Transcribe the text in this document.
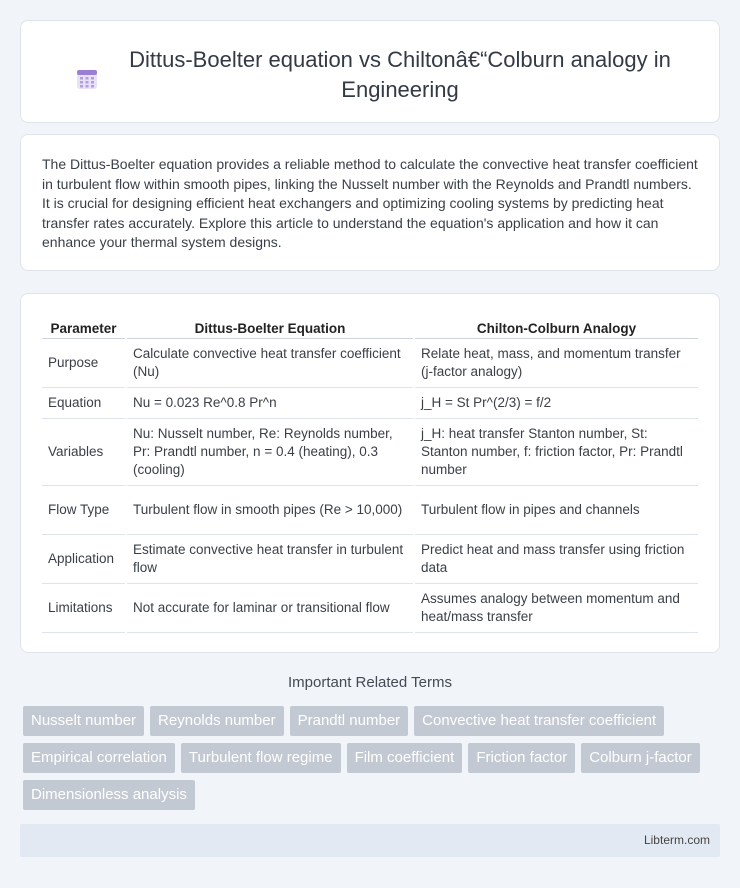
Dittus-Boelter equation vs Chiltonâ€“Colburn analogy in Engineering

The Dittus-Boelter equation provides a reliable method to calculate the convective heat transfer coefficient in turbulent flow within smooth pipes, linking the Nusselt number with the Reynolds and Prandtl numbers. It is crucial for designing efficient heat exchangers and optimizing cooling systems by predicting heat transfer rates accurately. Explore this article to understand the equation's application and how it can enhance your thermal system designs.

Parameter	Dittus-Boelter Equation	Chilton-Colburn Analogy
Purpose	Calculate convective heat transfer coefficient (Nu)	Relate heat, mass, and momentum transfer (j-factor analogy)
Equation	Nu = 0.023 Re^0.8 Pr^n	j_H = St Pr^(2/3) = f/2
Variables	Nu: Nusselt number, Re: Reynolds number, Pr: Prandtl number, n = 0.4 (heating), 0.3 (cooling)	j_H: heat transfer Stanton number, St: Stanton number, f: friction factor, Pr: Prandtl number
Flow Type	Turbulent flow in smooth pipes (Re > 10,000)	Turbulent flow in pipes and channels
Application	Estimate convective heat transfer in turbulent flow	Predict heat and mass transfer using friction data
Limitations	Not accurate for laminar or transitional flow	Assumes analogy between momentum and heat/mass transfer
Important Related Terms
Nusselt number	Reynolds number	Prandtl number	Convective heat transfer coefficient
Empirical correlation	Turbulent flow regime	Film coefficient	Friction factor	Colburn j-factor
Dimensionless analysis
Libterm.com
